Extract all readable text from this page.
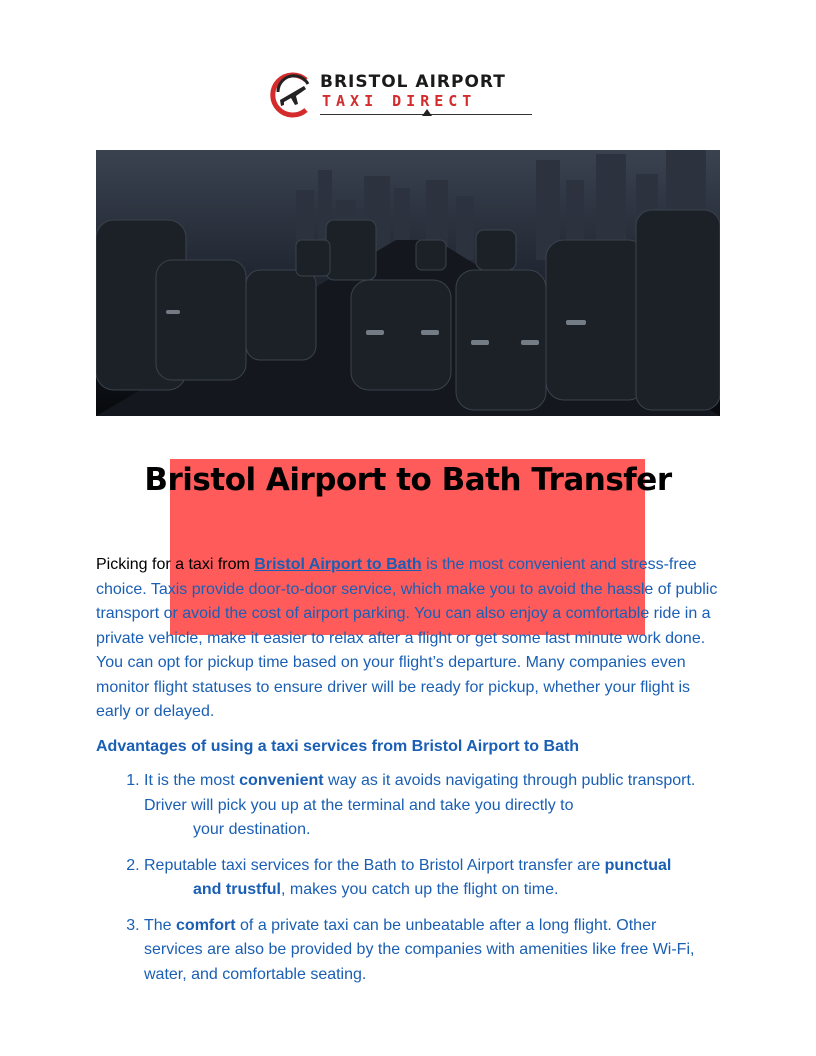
BRISTOL AIRPORT
TAXI DIRECT
Bristol Airport to Bath Transfer

Picking for a taxi from Bristol Airport to Bath is the most convenient and stress-free choice. Taxis provide door-to-door service, which make you to avoid the hassle of public transport or avoid the cost of airport parking. You can also enjoy a comfortable ride in a private vehicle, make it easier to relax after a flight or get some last minute work done. You can opt for pickup time based on your flight’s departure. Many companies even monitor flight statuses to ensure driver will be ready for pickup, whether your flight is early or delayed.

Advantages of using a taxi services from Bristol Airport to Bath

1. It is the most convenient way as it avoids navigating through public transport. Driver will pick you up at the terminal and take you directly to
your destination.
2. Reputable taxi services for the Bath to Bristol Airport transfer are punctual
and trustful, makes you catch up the flight on time.
3. The comfort of a private taxi can be unbeatable after a long flight. Other services are also be provided by the companies with amenities like free Wi-Fi, water, and comfortable seating.
